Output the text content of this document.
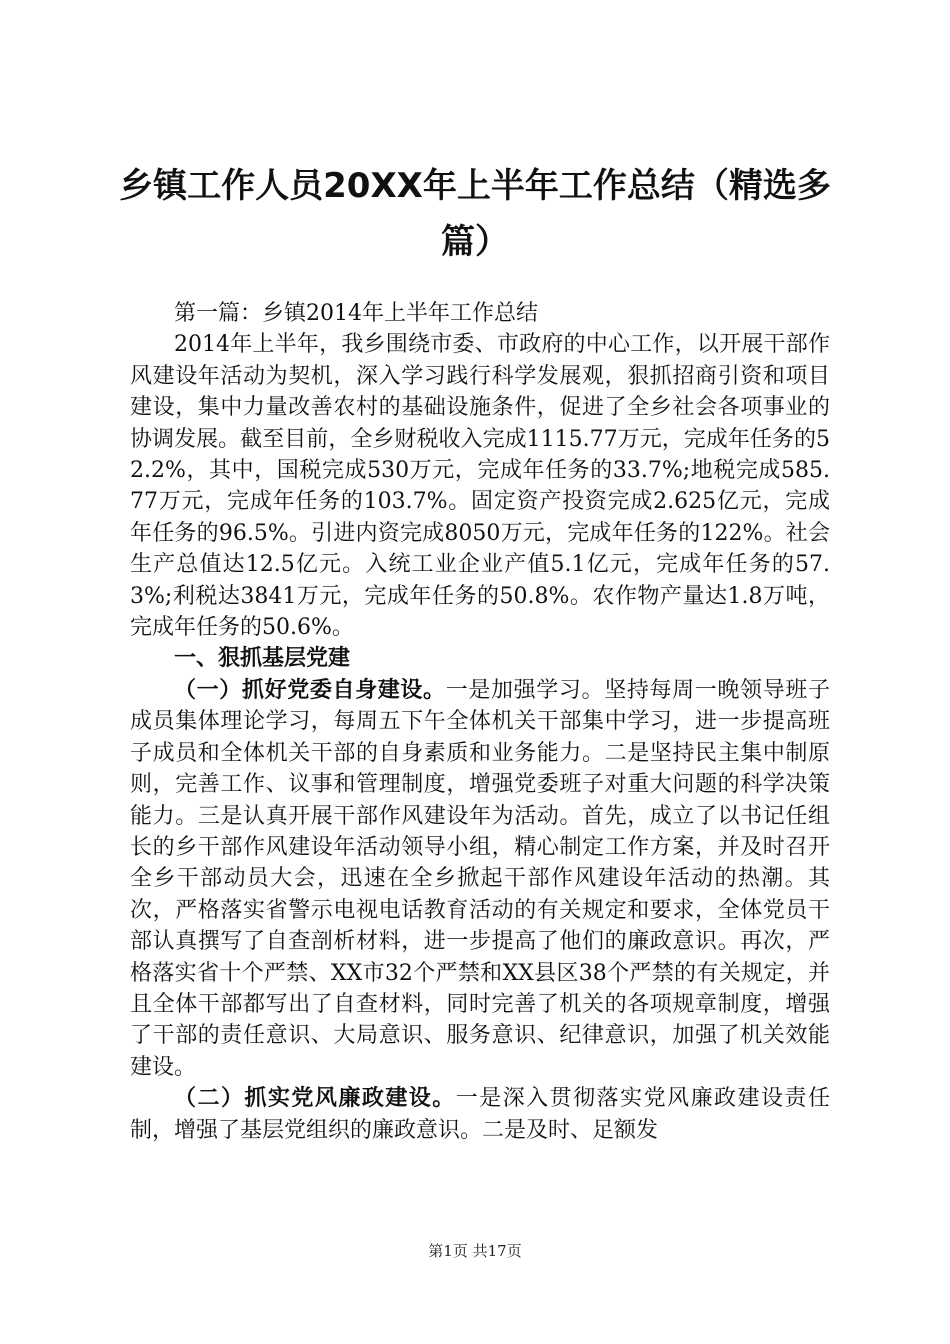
乡镇工作人员20XX年上半年工作总结（精选多篇）

第一篇：乡镇2014年上半年工作总结

2014年上半年，我乡围绕市委、市政府的中心工作，以开展干部作风建设年活动为契机，深入学习践行科学发展观，狠抓招商引资和项目建设，集中力量改善农村的基础设施条件，促进了全乡社会各项事业的协调发展。截至目前，全乡财税收入完成1115.77万元，完成年任务的52.2%，其中，国税完成530万元，完成年任务的33.7%;地税完成585.77万元，完成年任务的103.7%。固定资产投资完成2.625亿元，完成年任务的96.5%。引进内资完成8050万元，完成年任务的122%。社会生产总值达12.5亿元。入统工业企业产值5.1亿元，完成年任务的57.3%;利税达3841万元，完成年任务的50.8%。农作物产量达1.8万吨，完成年任务的50.6%。

一、狠抓基层党建

（一）抓好党委自身建设。一是加强学习。坚持每周一晚领导班子成员集体理论学习，每周五下午全体机关干部集中学习，进一步提高班子成员和全体机关干部的自身素质和业务能力。二是坚持民主集中制原则，完善工作、议事和管理制度，增强党委班子对重大问题的科学决策能力。三是认真开展干部作风建设年为活动。首先，成立了以书记任组长的乡干部作风建设年活动领导小组，精心制定工作方案，并及时召开全乡干部动员大会，迅速在全乡掀起干部作风建设年活动的热潮。其次，严格落实省警示电视电话教育活动的有关规定和要求，全体党员干部认真撰写了自查剖析材料，进一步提高了他们的廉政意识。再次，严格落实省十个严禁、XX市32个严禁和XX县区38个严禁的有关规定，并且全体干部都写出了自查材料，同时完善了机关的各项规章制度，增强了干部的责任意识、大局意识、服务意识、纪律意识，加强了机关效能建设。

（二）抓实党风廉政建设。一是深入贯彻落实党风廉政建设责任制，增强了基层党组织的廉政意识。二是及时、足额发

第1页 共17页
